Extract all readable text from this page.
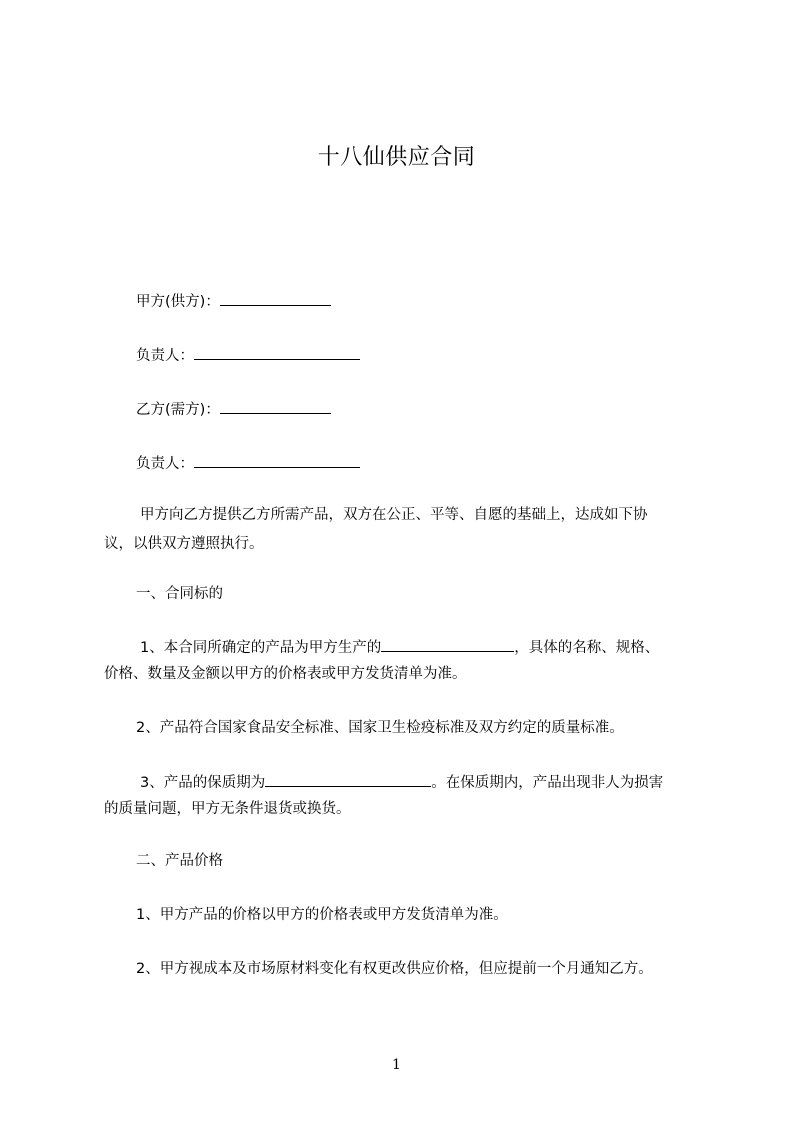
十八仙供应合同
甲方(供方)：
负责人：
乙方(需方)：
负责人：
甲方向乙方提供乙方所需产品，双方在公正、平等、自愿的基础上，达成如下协
议，以供双方遵照执行。
一、合同标的
1、本合同所确定的产品为甲方生产的	，具体的名称、规格、
价格、数量及金额以甲方的价格表或甲方发货清单为准。
2、产品符合国家食品安全标准、国家卫生检疫标准及双方约定的质量标准。
3、产品的保质期为	。在保质期内，产品出现非人为损害
的质量问题，甲方无条件退货或换货。
二、产品价格
1、甲方产品的价格以甲方的价格表或甲方发货清单为准。
2、甲方视成本及市场原材料变化有权更改供应价格，但应提前一个月通知乙方。
1
